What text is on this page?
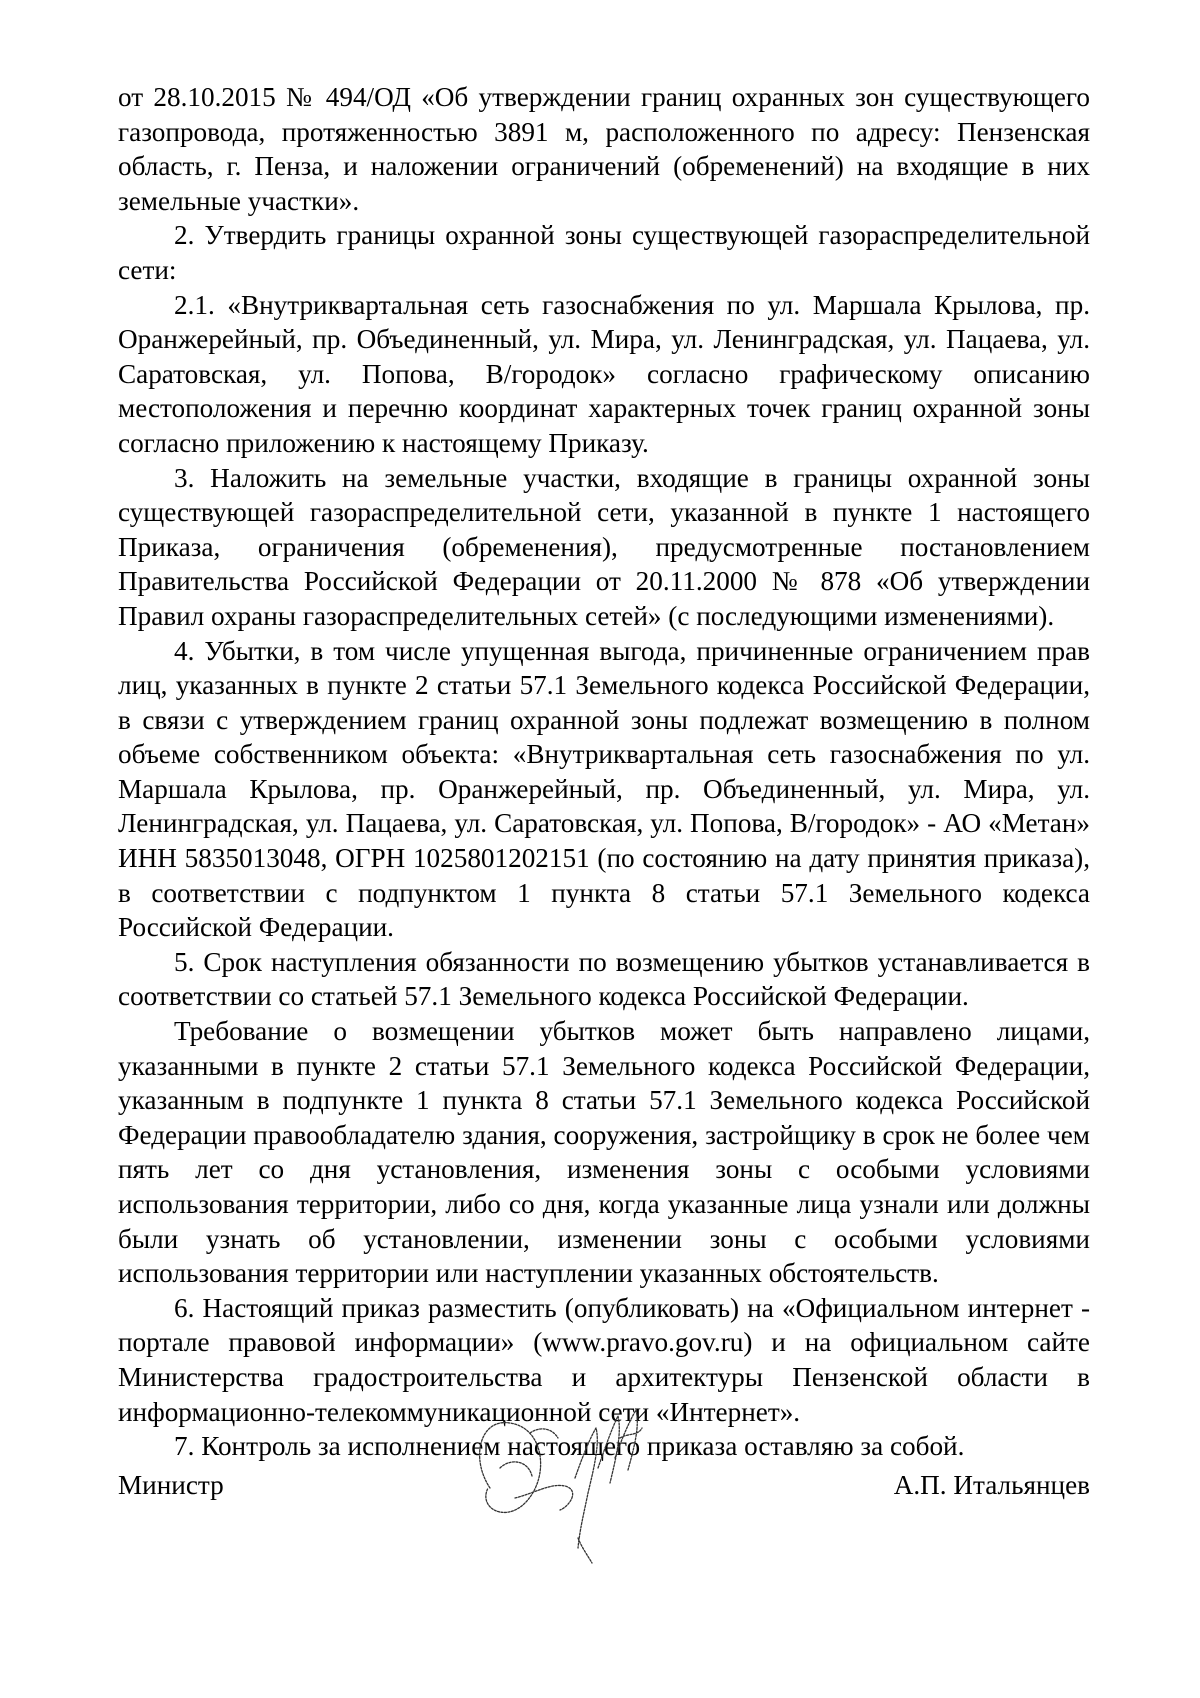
от 28.10.2015 № 494/ОД «Об утверждении границ охранных зон существующего газопровода, протяженностью 3891 м, расположенного по адресу: Пензенская область, г. Пенза, и наложении ограничений (обременений) на входящие в них земельные участки».

2. Утвердить границы охранной зоны существующей газораспределительной сети:

2.1. «Внутриквартальная сеть газоснабжения по ул. Маршала Крылова, пр. Оранжерейный, пр. Объединенный, ул. Мира, ул. Ленинградская, ул. Пацаева, ул. Саратовская, ул. Попова, В/городок» согласно графическому описанию местоположения и перечню координат характерных точек границ охранной зоны согласно приложению к настоящему Приказу.

3. Наложить на земельные участки, входящие в границы охранной зоны существующей газораспределительной сети, указанной в пункте 1 настоящего Приказа, ограничения (обременения), предусмотренные постановлением Правительства Российской Федерации от 20.11.2000 № 878 «Об утверждении Правил охраны газораспределительных сетей» (с последующими изменениями).

4. Убытки, в том числе упущенная выгода, причиненные ограничением прав лиц, указанных в пункте 2 статьи 57.1 Земельного кодекса Российской Федерации, в связи с утверждением границ охранной зоны подлежат возмещению в полном объеме собственником объекта: «Внутриквартальная сеть газоснабжения по ул. Маршала Крылова, пр. Оранжерейный, пр. Объединенный, ул. Мира, ул. Ленинградская, ул. Пацаева, ул. Саратовская, ул. Попова, В/городок» - АО «Метан» ИНН 5835013048, ОГРН 1025801202151 (по состоянию на дату принятия приказа), в соответствии с подпунктом 1 пункта 8 статьи 57.1 Земельного кодекса Российской Федерации.

5. Срок наступления обязанности по возмещению убытков устанавливается в соответствии со статьей 57.1 Земельного кодекса Российской Федерации.

Требование о возмещении убытков может быть направлено лицами, указанными в пункте 2 статьи 57.1 Земельного кодекса Российской Федерации, указанным в подпункте 1 пункта 8 статьи 57.1 Земельного кодекса Российской Федерации правообладателю здания, сооружения, застройщику в срок не более чем пять лет со дня установления, изменения зоны с особыми условиями использования территории, либо со дня, когда указанные лица узнали или должны были узнать об установлении, изменении зоны с особыми условиями использования территории или наступлении указанных обстоятельств.

6. Настоящий приказ разместить (опубликовать) на «Официальном интернет - портале правовой информации» (www.pravo.gov.ru) и на официальном сайте Министерства градостроительства и архитектуры Пензенской области в информационно-телекоммуникационной сети «Интернет».

7. Контроль за исполнением настоящего приказа оставляю за собой.

Министр	А.П. Итальянцев
